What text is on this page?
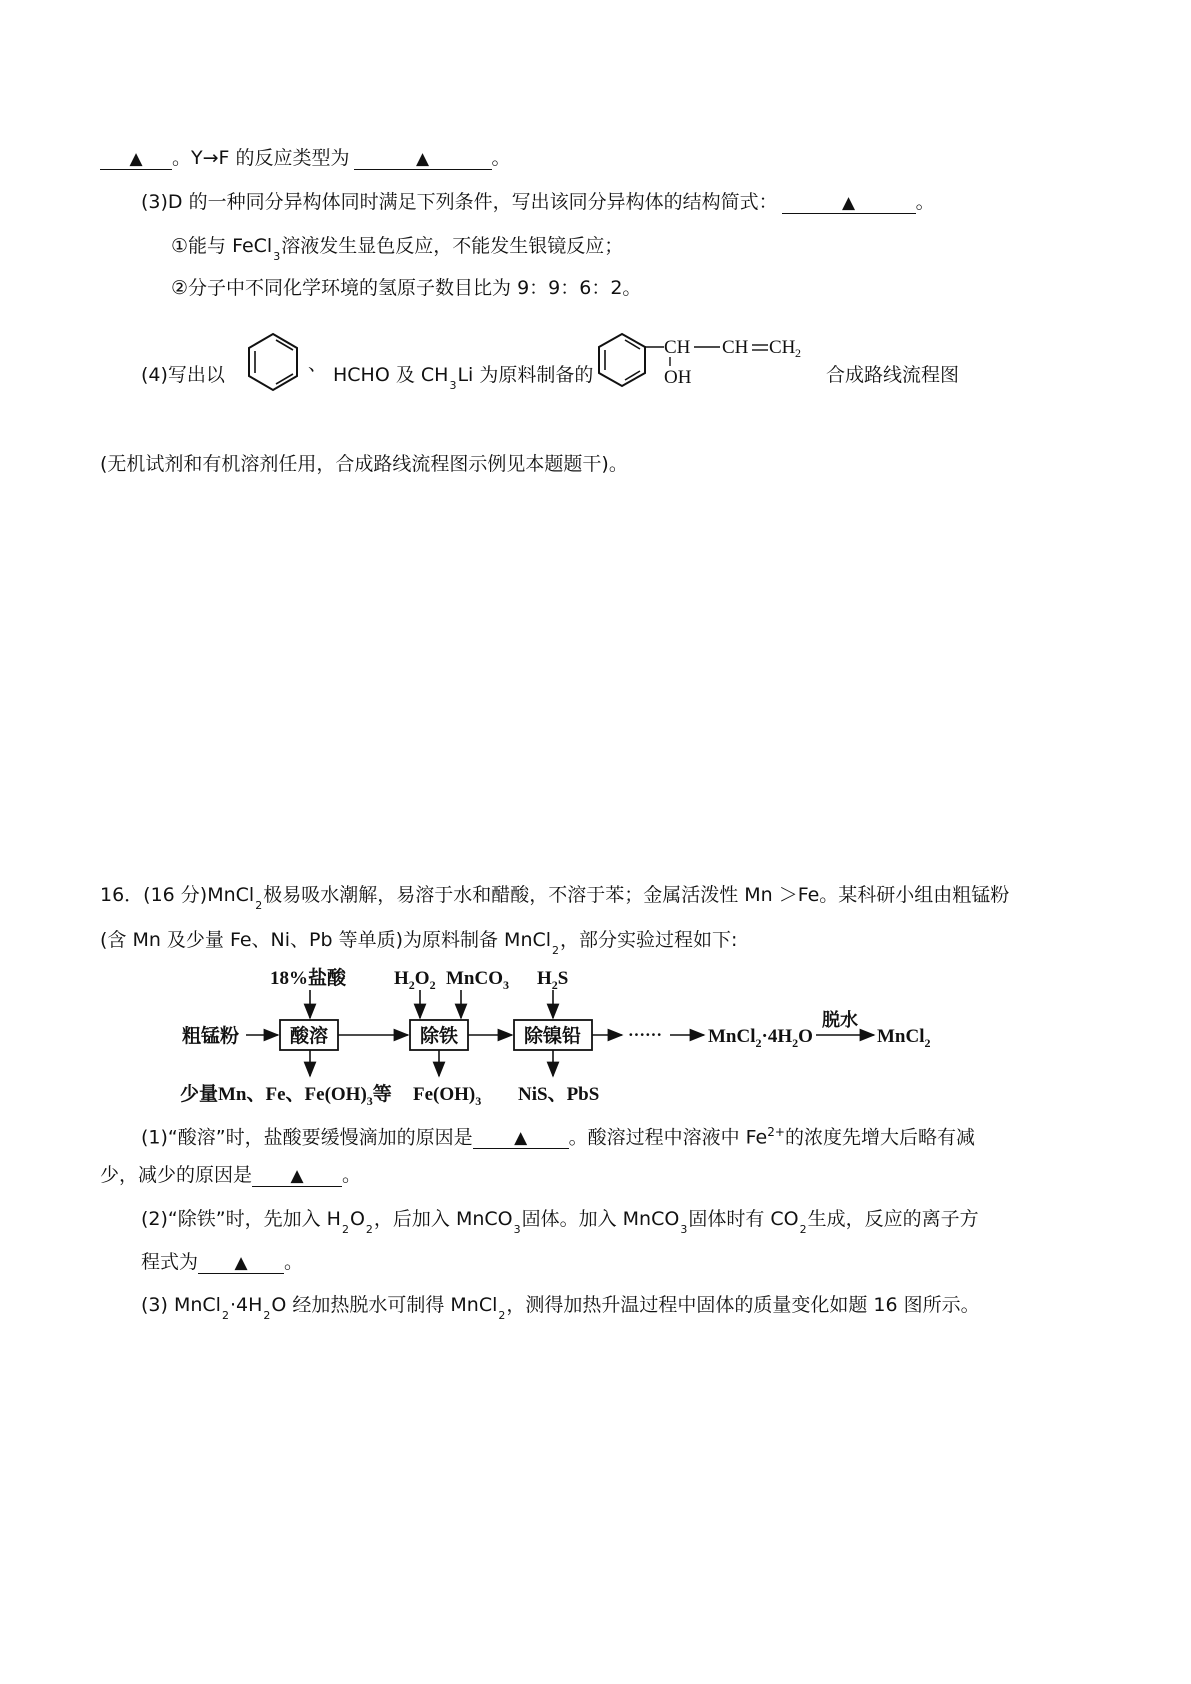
▲ 。Y→F 的反应类型为	▲	。
(3)D 的一种同分异构体同时满足下列条件，写出该同分异构体的结构简式：	▲	。
①能与 FeCl$_3$溶液发生显色反应，不能发生银镜反应；
②分子中不同化学环境的氢原子数目比为 9：9：6：2。
(4)写出以	、 HCHO 及 $CH_3Li$ 为原料制备的
CH
OH
CH CH 2
合成路线流程图
(无机试剂和有机溶剂任用，合成路线流程图示例见本题题干)。
16．(16 分)MnCl$_2$极易吸水潮解，易溶于水和醋酸，不溶于苯；金属活泼性 Mn ＞Fe。某科研小组由粗锰粉
(含 Mn 及少量 Fe、Ni、Pb 等单质)为原料制备 MnCl$_2$，部分实验过程如下:
18%盐酸	$H_2O_2$ MnCO$_3$ $H_2S$
粗锰粉	酸溶	除铁	除镍铅	······ $MnCl_2\cdot 4H_2O$
脱水
MnCl$_2$
少量Mn、Fe、$Fe(OH)_3$等 $Fe(OH)_3$ NiS、PbS
(1)“酸溶”时，盐酸要缓慢滴加的原因是 ▲ 。酸溶过程中溶液中 $Fe^{2+}$的浓度先增大后略有减
少，减少的原因是 ▲ 。
(2)“除铁”时，先加入 $H_2O_2$，后加入 MnCO$_3$固体。加入 MnCO$_3$固体时有 $CO_2$生成，反应的离子方
程式为 ▲ 。
(3) $MnCl_2\cdot 4H_2O$ 经加热脱水可制得 MnCl$_2$，测得加热升温过程中固体的质量变化如题 16 图所示。
